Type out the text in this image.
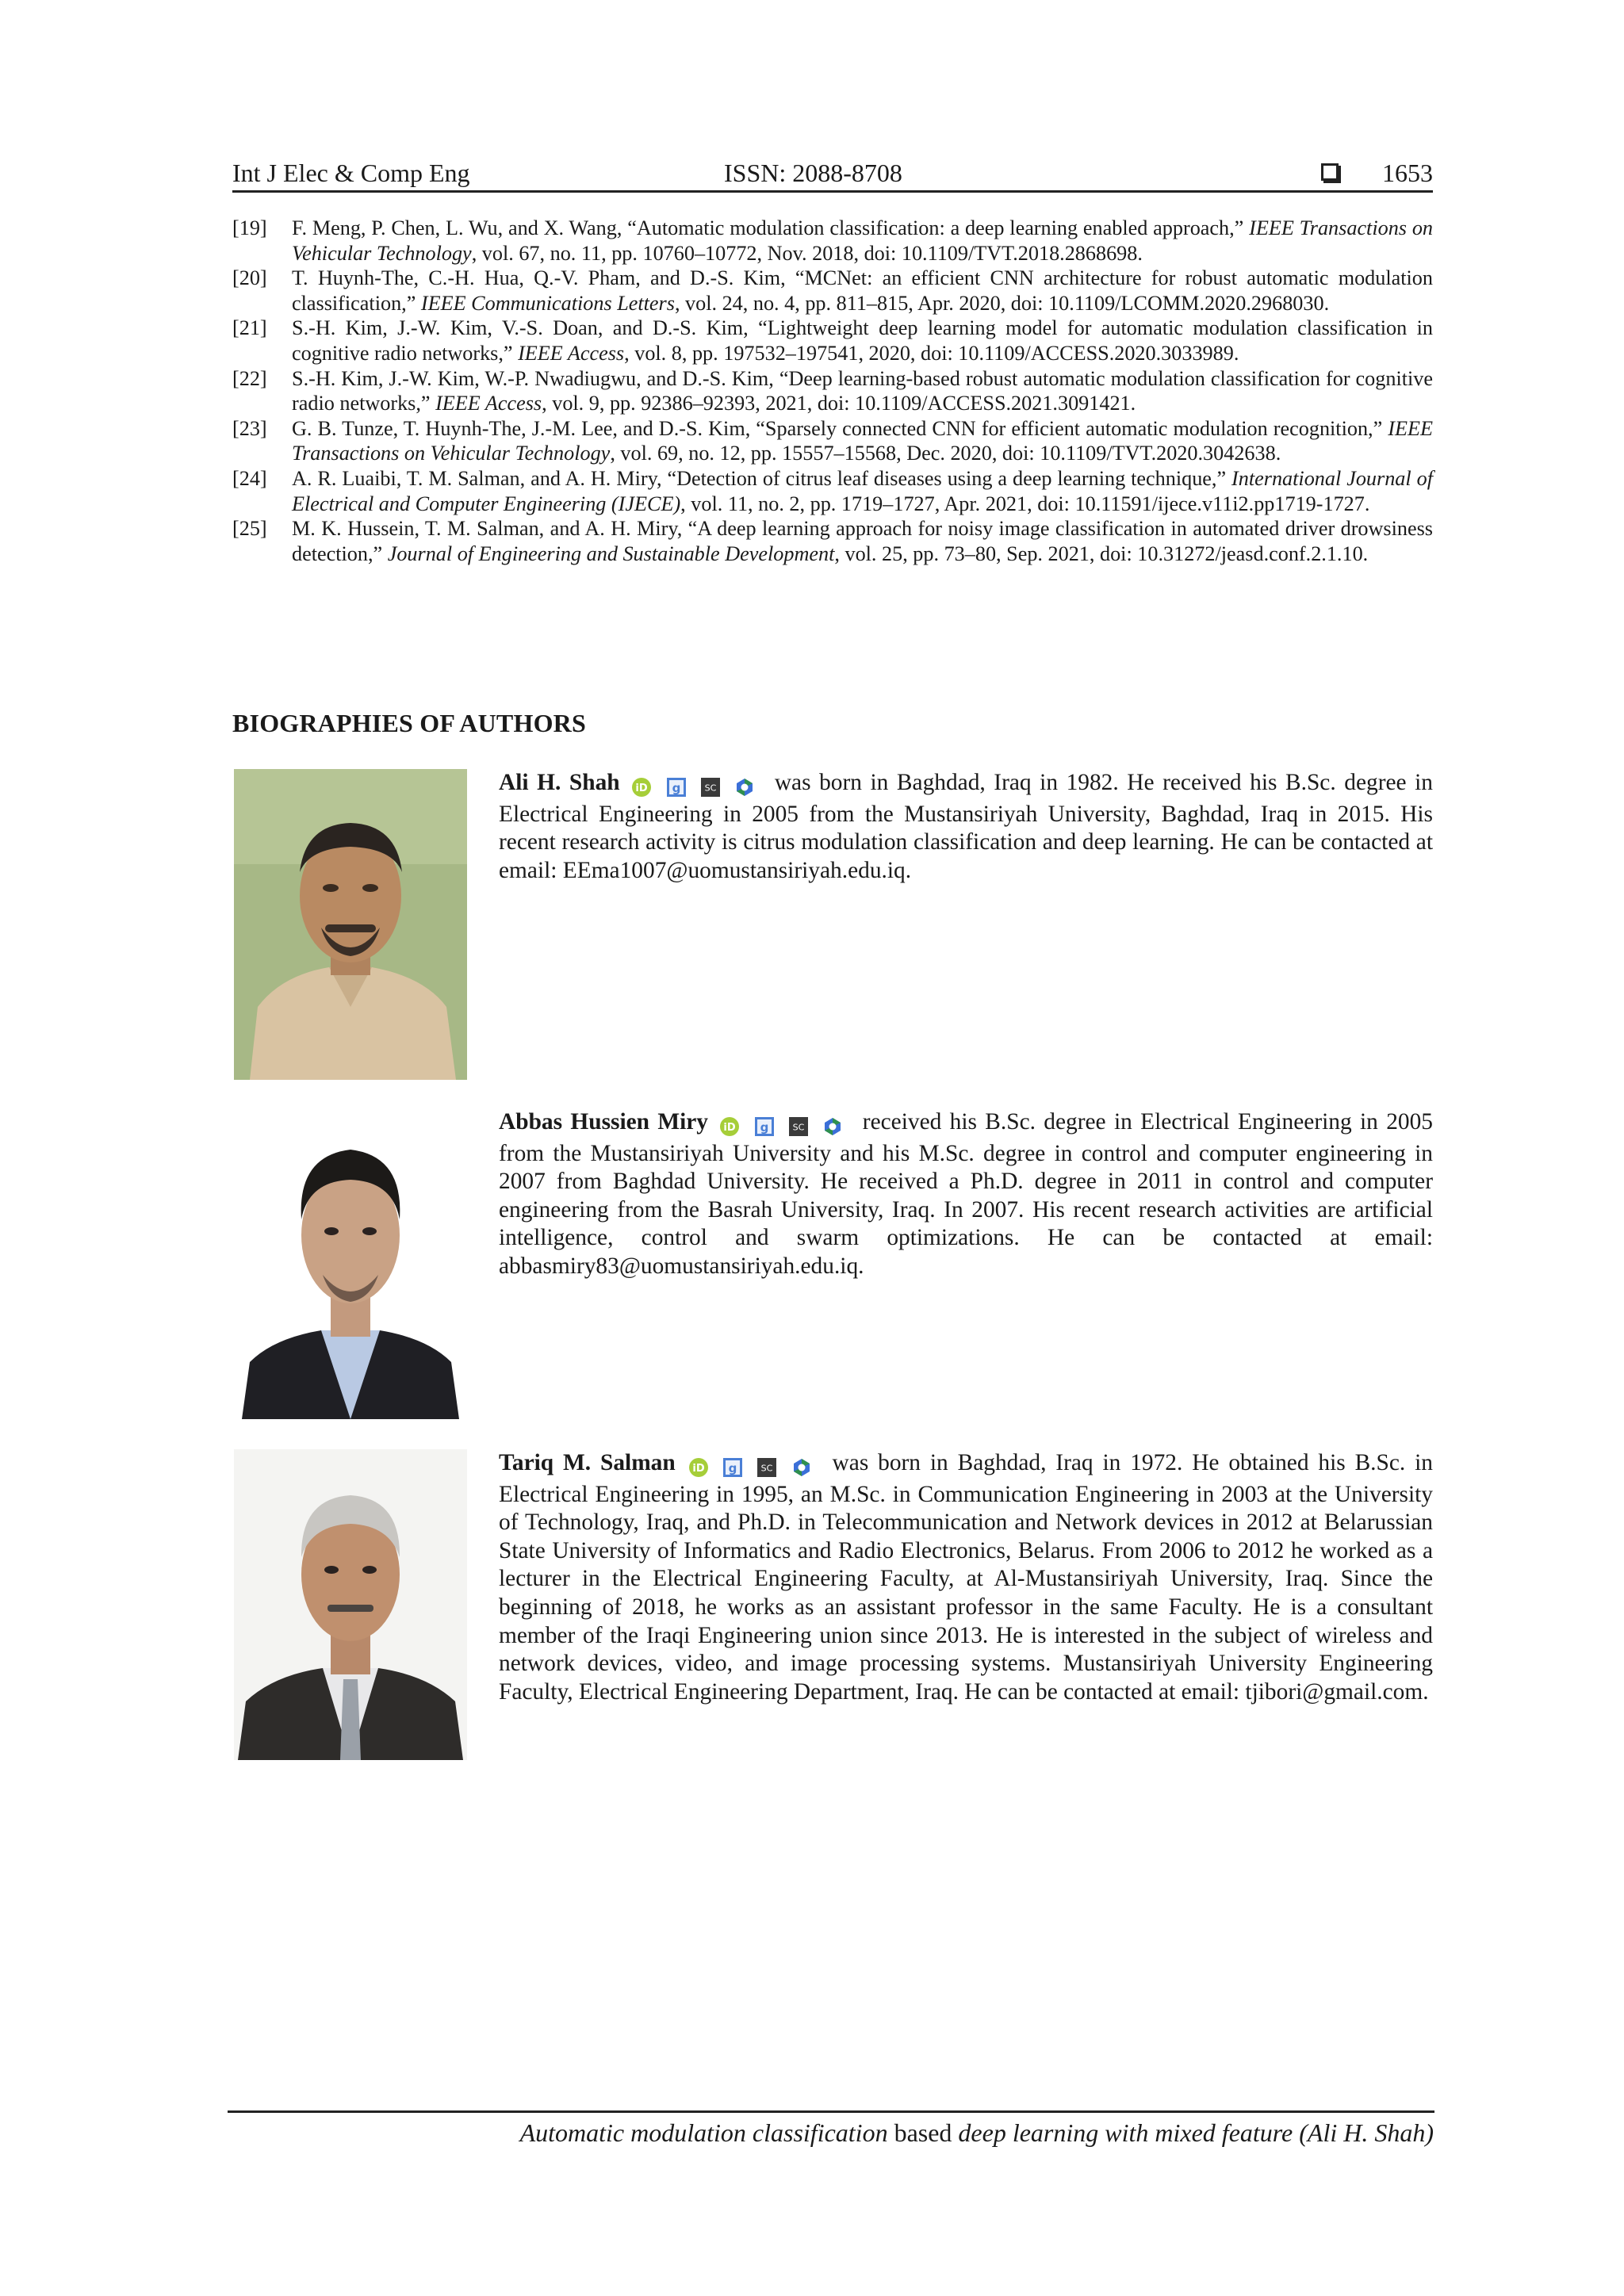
Int J Elec & Comp Eng	ISSN: 2088-8708	1653
[19]	F. Meng, P. Chen, L. Wu, and X. Wang, “Automatic modulation classification: a deep learning enabled approach,” IEEE Transactions on Vehicular Technology, vol. 67, no. 11, pp. 10760–10772, Nov. 2018, doi: 10.1109/TVT.2018.2868698.
[20]	T. Huynh-The, C.-H. Hua, Q.-V. Pham, and D.-S. Kim, “MCNet: an efficient CNN architecture for robust automatic modulation classification,” IEEE Communications Letters, vol. 24, no. 4, pp. 811–815, Apr. 2020, doi: 10.1109/LCOMM.2020.2968030.
[21]	S.-H. Kim, J.-W. Kim, V.-S. Doan, and D.-S. Kim, “Lightweight deep learning model for automatic modulation classification in cognitive radio networks,” IEEE Access, vol. 8, pp. 197532–197541, 2020, doi: 10.1109/ACCESS.2020.3033989.
[22]	S.-H. Kim, J.-W. Kim, W.-P. Nwadiugwu, and D.-S. Kim, “Deep learning-based robust automatic modulation classification for cognitive radio networks,” IEEE Access, vol. 9, pp. 92386–92393, 2021, doi: 10.1109/ACCESS.2021.3091421.
[23]	G. B. Tunze, T. Huynh-The, J.-M. Lee, and D.-S. Kim, “Sparsely connected CNN for efficient automatic modulation recognition,” IEEE Transactions on Vehicular Technology, vol. 69, no. 12, pp. 15557–15568, Dec. 2020, doi: 10.1109/TVT.2020.3042638.
[24]	A. R. Luaibi, T. M. Salman, and A. H. Miry, “Detection of citrus leaf diseases using a deep learning technique,” International Journal of Electrical and Computer Engineering (IJECE), vol. 11, no. 2, pp. 1719–1727, Apr. 2021, doi: 10.11591/ijece.v11i2.pp1719-1727.
[25]	M. K. Hussein, T. M. Salman, and A. H. Miry, “A deep learning approach for noisy image classification in automated driver drowsiness detection,” Journal of Engineering and Sustainable Development, vol. 25, pp. 73–80, Sep. 2021, doi: 10.31272/jeasd.conf.2.1.10.
BIOGRAPHIES OF AUTHORS
Ali H. Shah iD
g
	SC
	was born in Baghdad, Iraq in 1982. He received his B.Sc. degree in Electrical Engineering in 2005 from the Mustansiriyah University, Baghdad, Iraq in 2015. His recent research activity is citrus modulation classification and deep learning. He can be contacted at email: EEma1007@uomustansiriyah.edu.iq.
Abbas Hussien Miry iD
g
	SC
received his B.Sc. degree in Electrical Engineering in 2005 from the Mustansiriyah University and his M.Sc. degree in control and computer engineering in 2007 from Baghdad University. He received a Ph.D. degree in 2011 in control and computer engineering from the Basrah University, Iraq. In 2007. His recent research activities are artificial intelligence, control and swarm optimizations. He can be contacted at email: abbasmiry83@uomustansiriyah.edu.iq.
Tariq M. Salman iD
g
	SC
	was born in Baghdad, Iraq in 1972. He obtained his B.Sc. in Electrical Engineering in 1995, an M.Sc. in Communication Engineering in 2003 at the University of Technology, Iraq, and Ph.D. in Telecommunication and Network devices in 2012 at Belarussian State University of Informatics and Radio Electronics, Belarus. From 2006 to 2012 he worked as a lecturer in the Electrical Engineering Faculty, at Al-Mustansiriyah University, Iraq. Since the beginning of 2018, he works as an assistant professor in the same Faculty. He is a consultant member of the Iraqi Engineering union since 2013. He is interested in the subject of wireless and network devices, video, and image processing systems. Mustansiriyah University Engineering Faculty, Electrical Engineering Department, Iraq. He can be contacted at email: tjibori@gmail.com.
Automatic modulation classification based deep learning with mixed feature (Ali H. Shah)
